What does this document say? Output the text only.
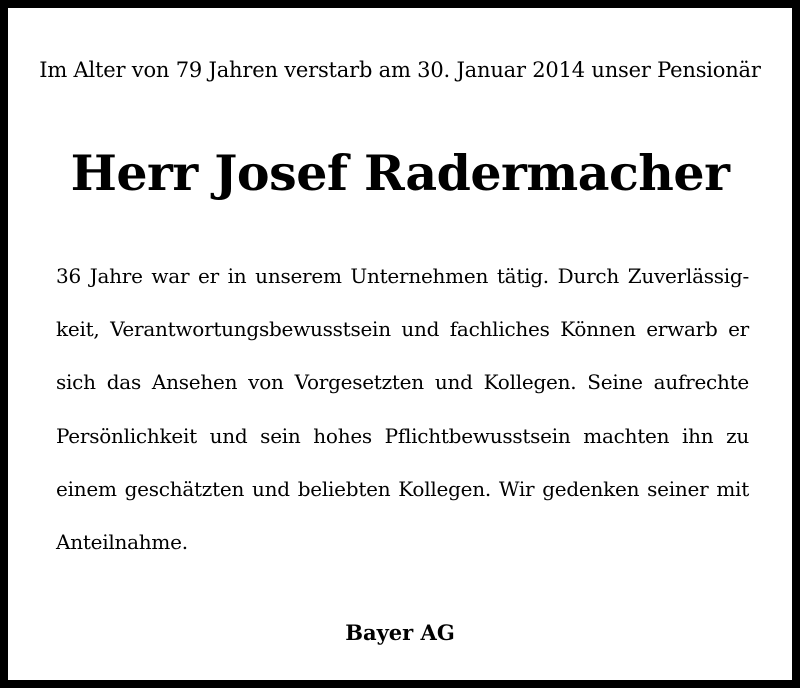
Im Alter von 79 Jahren verstarb am 30. Januar 2014 unser Pensionär
Herr Josef Radermacher
36 Jahre war er in unserem Unternehmen tätig. Durch Zuverlässig-
keit, Verantwortungsbewusstsein und fachliches Können erwarb er
sich das Ansehen von Vorgesetzten und Kollegen. Seine aufrechte
Persönlichkeit und sein hohes Pflichtbewusstsein machten ihn zu
einem geschätzten und beliebten Kollegen. Wir gedenken seiner mit
Anteilnahme.
Bayer AG
